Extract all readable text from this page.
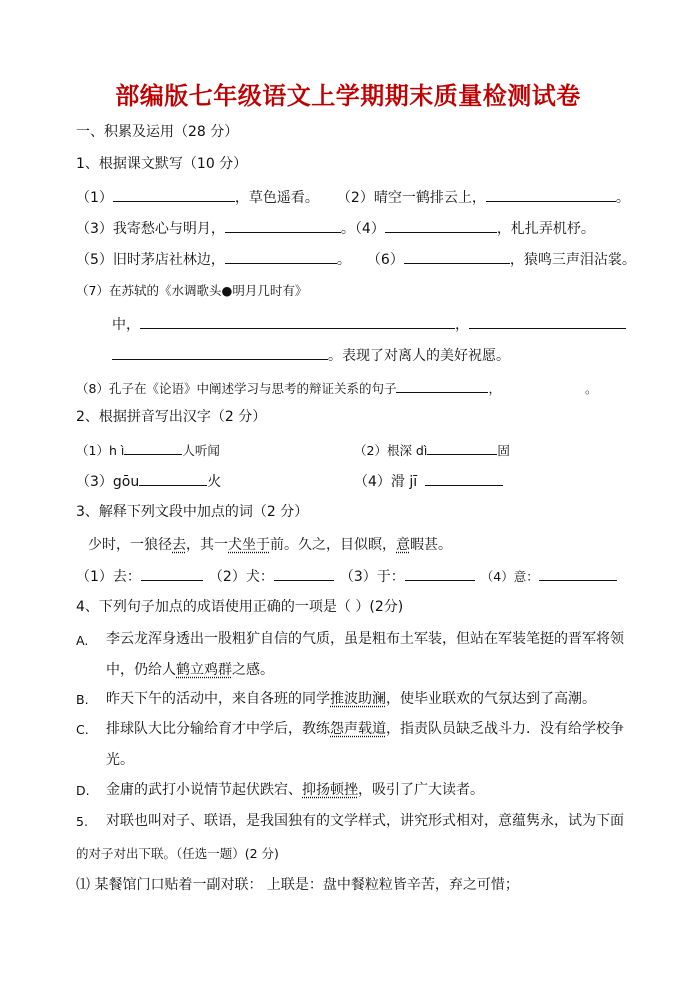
部编版七年级语文上学期期末质量检测试卷
一、积累及运用（28 分）
1、根据课文默写（10 分）
（1）	，草色遥看。 （2）晴空一鹤排云上，	。
（3）我寄愁心与明月，	。（4）	，札扎弄机杼。
（5）旧时茅店社林边，	。 （6）	，猿鸣三声泪沾裳。
（7）在苏轼的《水调歌头●明月几时有》
中，	，
。表现了对离人的美好祝愿。
（8）孔子在《论语》中阐述学习与思考的辩证关系的句子	，	。
2、根据拼音写出汉字（2 分）
（1）h ì	人听闻	（2）根深 dì	固
（3）gōu	火	（4）滑 jī
3、解释下列文段中加点的词（2 分）
少时，一狼径去，其一犬坐于前。久之，目似瞑，意暇甚。
（1）去：	（2）犬：	（3）于：	（4）意：
4、下列句子加点的成语使用正确的一项是（ ）(2分)
A. 李云龙浑身透出一股粗犷自信的气质，虽是粗布土军装，但站在军装笔挺的晋军将领
中，仍给人鹤立鸡群之感。
B. 昨天下午的活动中，来自各班的同学推波助澜，使毕业联欢的气氛达到了高潮。
C. 排球队大比分输给育才中学后，教练怨声载道，指责队员缺乏战斗力．没有给学校争
光。
D. 金庸的武打小说情节起伏跌宕、抑扬顿挫，吸引了广大读者。
5. 对联也叫对子、联语，是我国独有的文学样式，讲究形式相对，意蕴隽永，试为下面
的对子对出下联。（任选一题）(2 分)
⑴ 某餐馆门口贴着一副对联： 上联是：盘中餐粒粒皆辛苦，弃之可惜；
